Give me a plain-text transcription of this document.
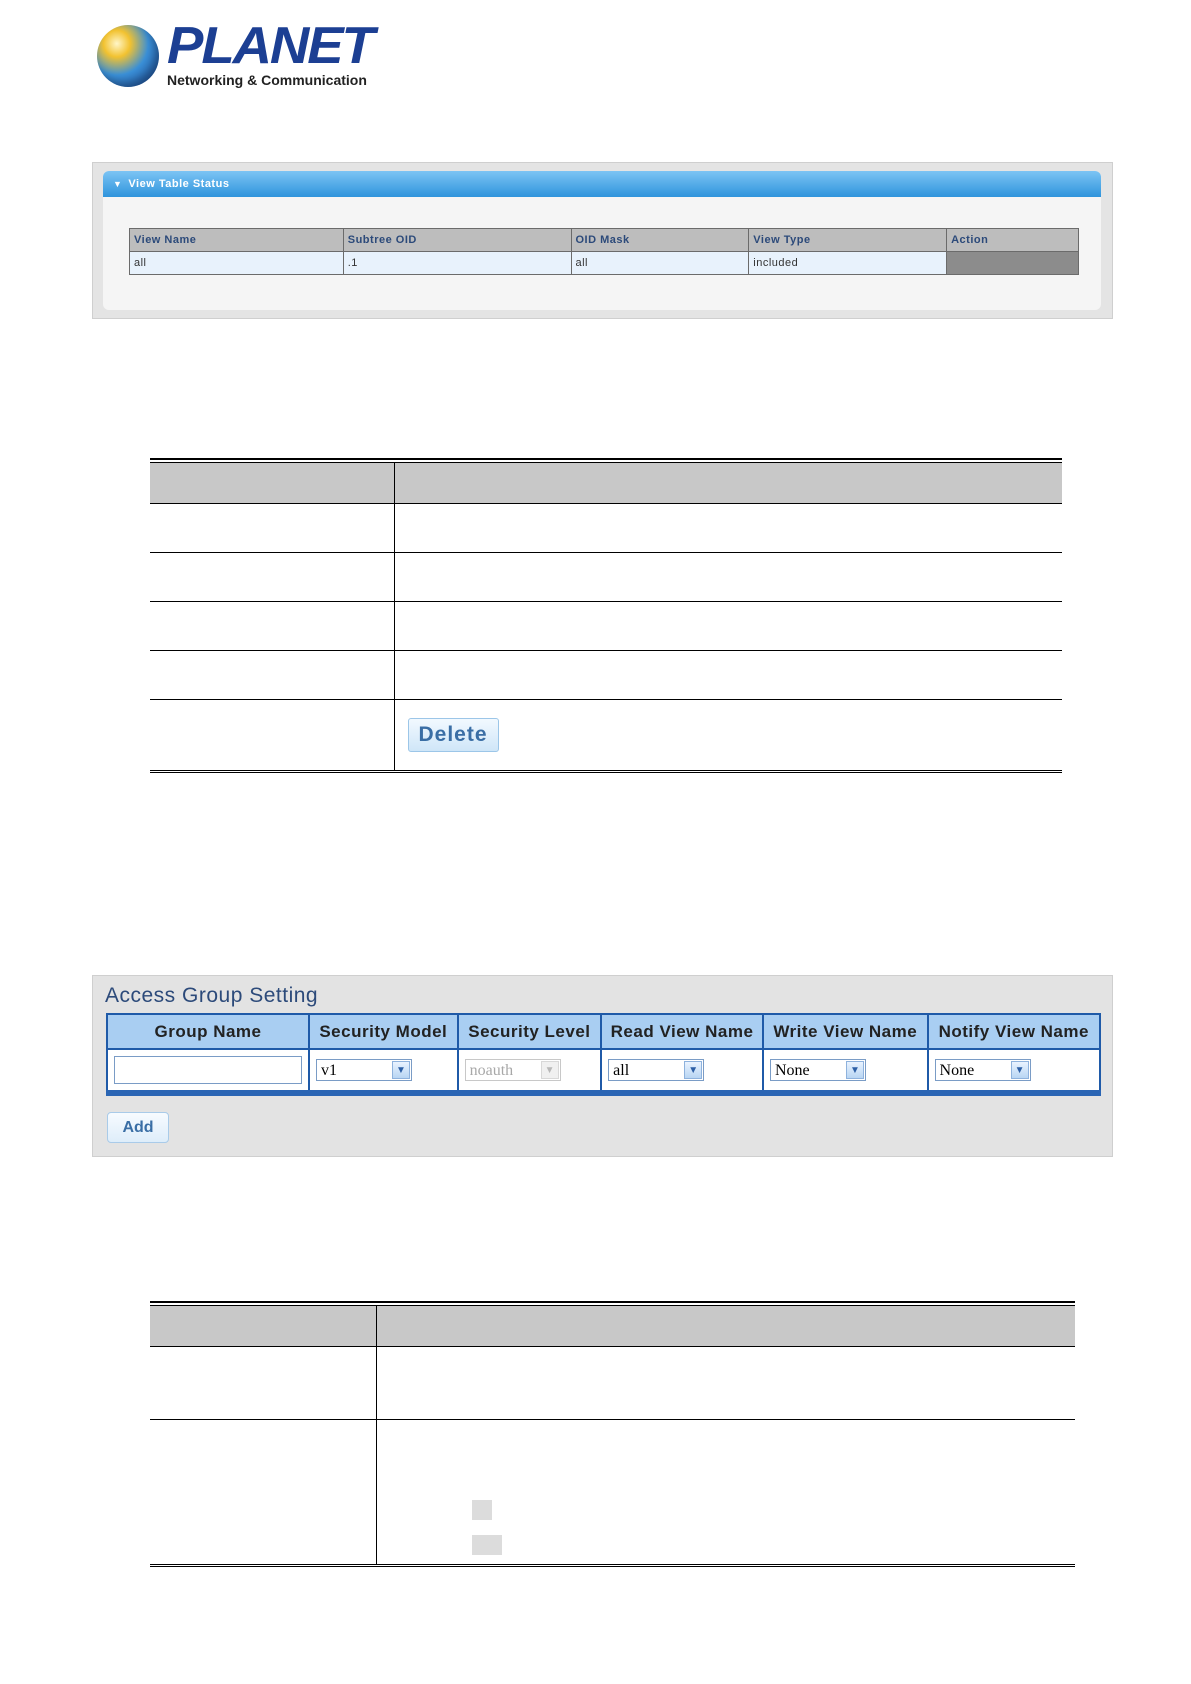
PLANET
Networking & Communication
▼ View Table Status
View Name	Subtree OID	OID Mask	View Type	Action
all	.1	all	included	

	Delete
Access Group Setting
Group Name	Security Model	Security Level	Read View Name	Write View Name	Notify View Name
	v1 ▼	noauth ▼	all ▼	None ▼	None ▼
Add
